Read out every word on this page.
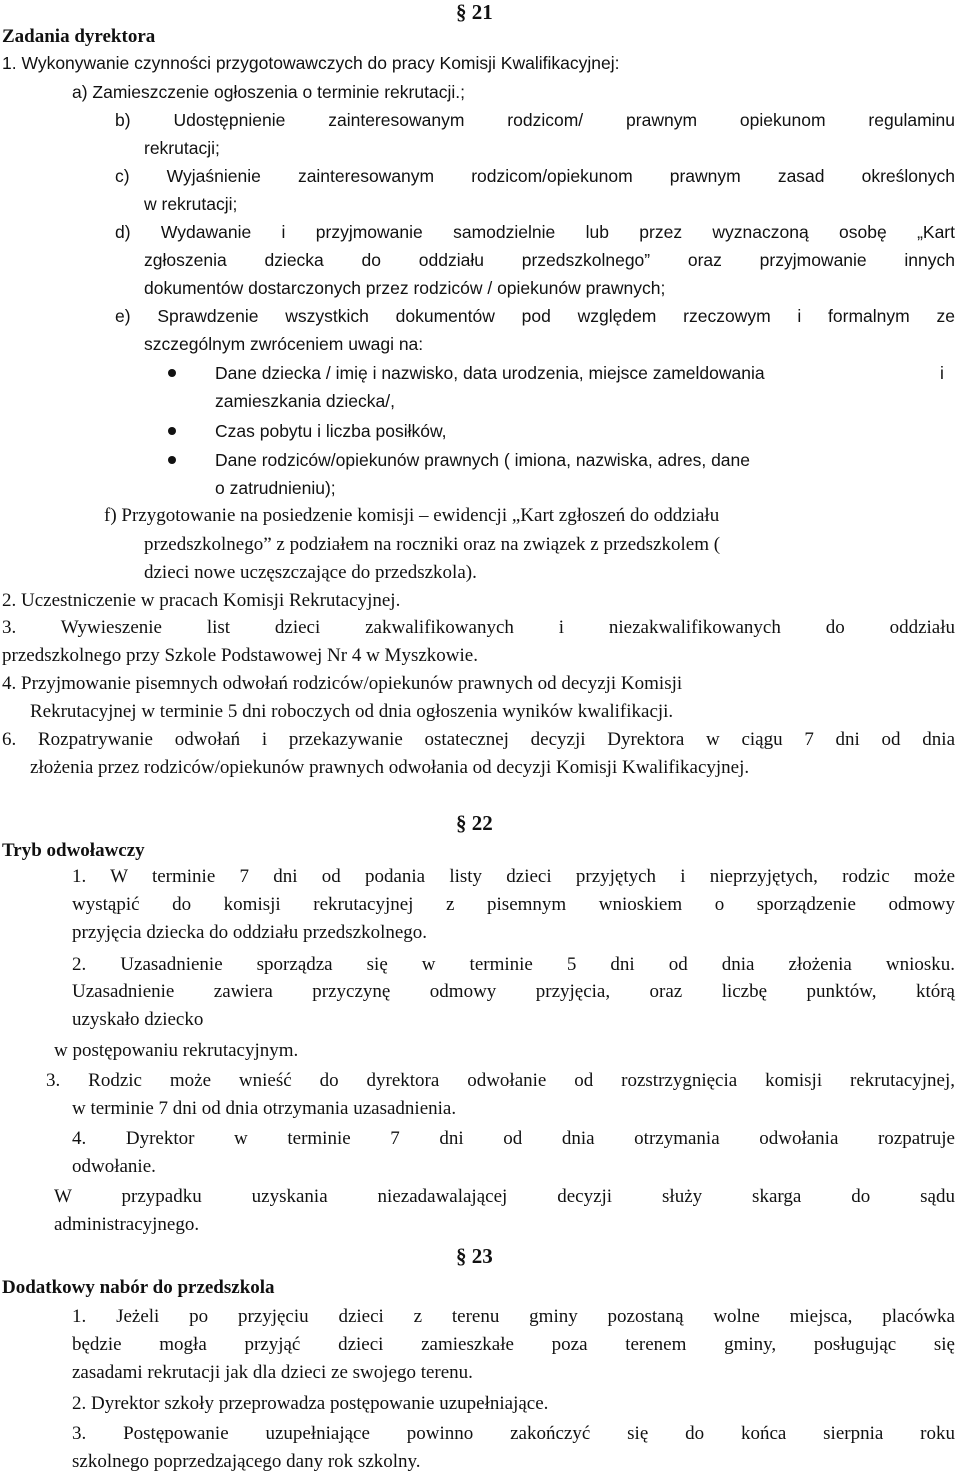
§ 21
Zadania dyrektora
1. Wykonywanie czynności przygotowawczych do pracy Komisji Kwalifikacyjnej:
a) Zamieszczenie ogłoszenia o terminie rekrutacji.;
b) Udostępnienie zainteresowanym rodzicom/ prawnym opiekunom regulaminu
rekrutacji;
c) Wyjaśnienie zainteresowanym rodzicom/opiekunom prawnym zasad określonych
w rekrutacji;
d) Wydawanie i przyjmowanie samodzielnie lub przez wyznaczoną osobę „Kart
zgłoszenia dziecka do oddziału przedszkolnego” oraz przyjmowanie innych
dokumentów dostarczonych przez rodziców / opiekunów prawnych;
e) Sprawdzenie wszystkich dokumentów pod względem rzeczowym i formalnym ze
szczególnym zwróceniem uwagi na:
Dane dziecka / imię i nazwisko, data urodzenia, miejsce zameldowania	i
zamieszkania dziecka/,
Czas pobytu i liczba posiłków,
Dane rodziców/opiekunów prawnych ( imiona, nazwiska, adres, dane
o zatrudnieniu);
f) Przygotowanie na posiedzenie komisji – ewidencji „Kart zgłoszeń do oddziału
przedszkolnego” z podziałem na roczniki oraz na związek z przedszkolem (
dzieci nowe uczęszczające do przedszkola).
2. Uczestniczenie w pracach Komisji Rekrutacyjnej.
3. Wywieszenie list dzieci zakwalifikowanych i niezakwalifikowanych do oddziału
przedszkolnego przy Szkole Podstawowej Nr 4 w Myszkowie.
4. Przyjmowanie pisemnych odwołań rodziców/opiekunów prawnych od decyzji Komisji
Rekrutacyjnej w terminie 5 dni roboczych od dnia ogłoszenia wyników kwalifikacji.
6. Rozpatrywanie odwołań i przekazywanie ostatecznej decyzji Dyrektora w ciągu 7 dni od dnia
złożenia przez rodziców/opiekunów prawnych odwołania od decyzji Komisji Kwalifikacyjnej.
§ 22
Tryb odwoławczy
1. W terminie 7 dni od podania listy dzieci przyjętych i nieprzyjętych, rodzic może
wystąpić do komisji rekrutacyjnej z pisemnym wnioskiem o sporządzenie odmowy
przyjęcia dziecka do oddziału przedszkolnego.
2. Uzasadnienie sporządza się w terminie 5 dni od dnia złożenia wniosku.
Uzasadnienie zawiera przyczynę odmowy przyjęcia, oraz liczbę punktów, którą
uzyskało dziecko
w postępowaniu rekrutacyjnym.
3. Rodzic może wnieść do dyrektora odwołanie od rozstrzygnięcia komisji rekrutacyjnej,
w terminie 7 dni od dnia otrzymania uzasadnienia.
4. Dyrektor w terminie 7 dni od dnia otrzymania odwołania rozpatruje
odwołanie.
W przypadku uzyskania niezadawalającej decyzji służy skarga do sądu
administracyjnego.
§ 23
Dodatkowy nabór do przedszkola
1. Jeżeli po przyjęciu dzieci z terenu gminy pozostaną wolne miejsca, placówka
będzie mogła przyjąć dzieci zamieszkałe poza terenem gminy, posługując się
zasadami rekrutacji jak dla dzieci ze swojego terenu.
2. Dyrektor szkoły przeprowadza postępowanie uzupełniające.
3. Postępowanie uzupełniające powinno zakończyć się do końca sierpnia roku
szkolnego poprzedzającego dany rok szkolny.
